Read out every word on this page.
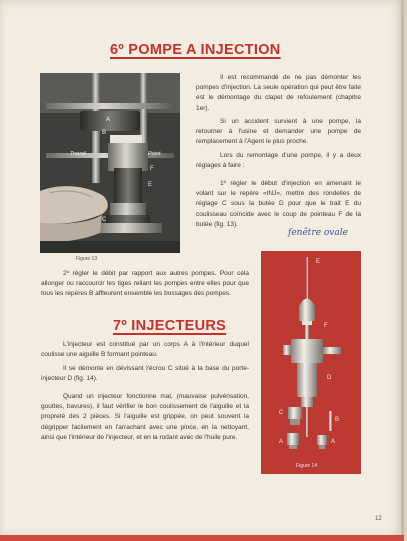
6º POMPE A INJECTION
A
B
Travail	Point
F
E
C

Il est recommandé de ne pas démonter les pompes d'injection. La seule opération qui peut être faite est le démontage du clapet de refoulement (chapitre 1er).

Si un accident survient à une pompe, la retourner à l'usine et demander une pompe de remplacement à l'Agent le plus proche.

Lors du remontage d'une pompe, il y a deux réglages à faire :

1º régler le début d'injection en amenant le volant sur le repère «INJ», mettre des rondelles de réglage C sous la butée D pour que le trait E du coulisseau coïncide avec le coup de pointeau F de la butée (fig. 13).

fenêtre ovale
Figure 13

2º régler le débit par rapport aux autres pompes. Pour cela allonger ou raccourcir les tiges reliant les pompes entre elles pour que tous les repères B affleurent ensemble les bossages des pompes.

7º INJECTEURS

L'injecteur est constitué par un corps A à l'intérieur duquel coulisse une aiguille B formant pointeau.

Il se démonte en dévissant l'écrou C situé à la base du porte-injecteur D (fig. 14).

Quand un injecteur fonctionne mal, (mauvaise pulvérisation, gouttes, bavures), il faut vérifier le bon coulissement de l'aiguille et la propreté des 2 pièces. Si l'aiguille est grippée, on peut souvent la dégripper facilement en l'arrachant avec une pince, en la nettoyant, ainsi que l'intérieur de l'injecteur, et en la rodant avec de l'huile pure.

E
F
D
C
B
A	A
Figure 14
12
